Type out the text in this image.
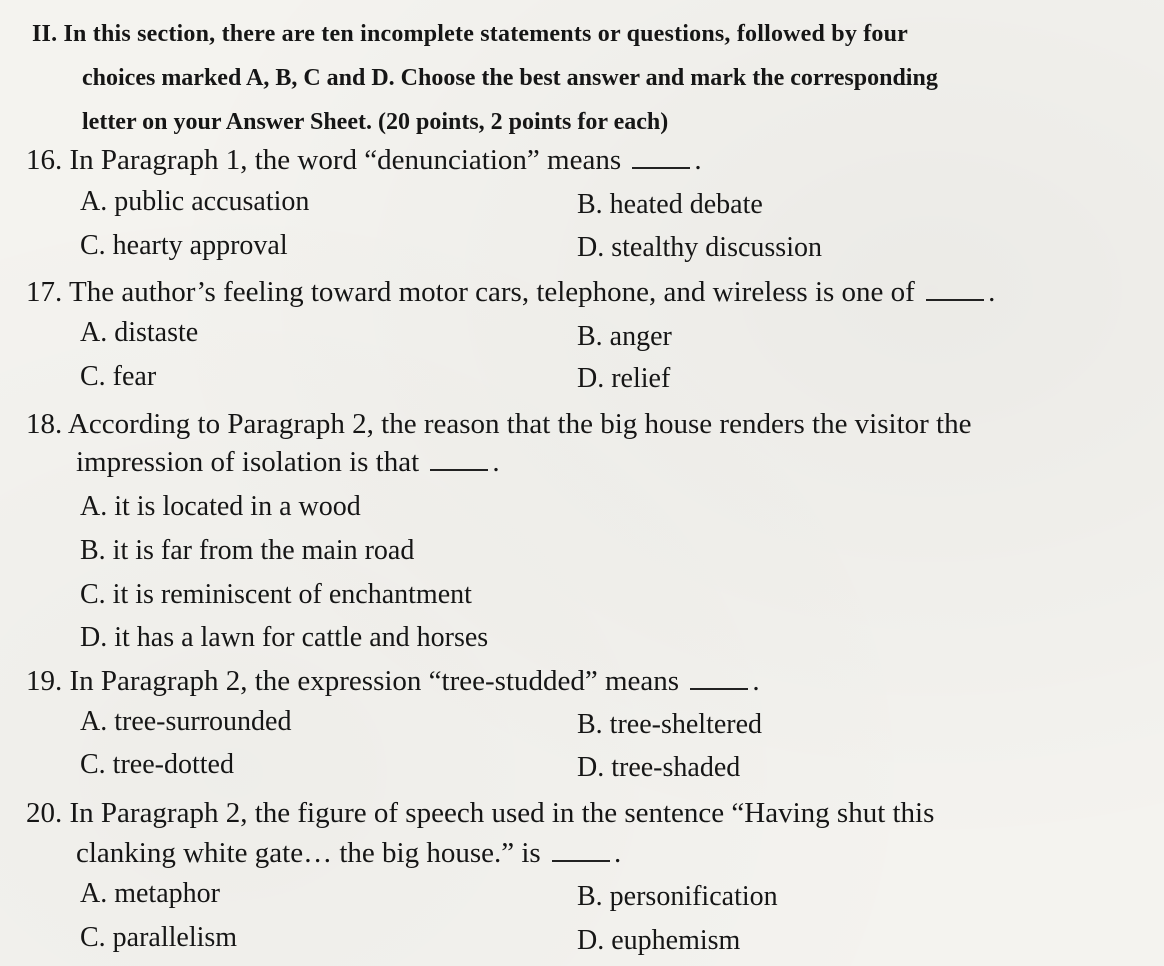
II. In this section, there are ten incomplete statements or questions, followed by four
choices marked A, B, C and D. Choose the best answer and mark the corresponding
letter on your Answer Sheet. (20 points, 2 points for each)
16. In Paragraph 1, the word “denunciation” means	.
A. public accusation	B. heated debate
C. hearty approval	D. stealthy discussion
17. The author’s feeling toward motor cars, telephone, and wireless is one of	.
A. distaste	B. anger
C. fear	D. relief
18. According to Paragraph 2, the reason that the big house renders the visitor the
impression of isolation is that	.
A. it is located in a wood
B. it is far from the main road
C. it is reminiscent of enchantment
D. it has a lawn for cattle and horses
19. In Paragraph 2, the expression “tree-studded” means	.
A. tree-surrounded	B. tree-sheltered
C. tree-dotted	D. tree-shaded
20. In Paragraph 2, the figure of speech used in the sentence “Having shut this
clanking white gate… the big house.” is	.
A. metaphor	B. personification
C. parallelism	D. euphemism
